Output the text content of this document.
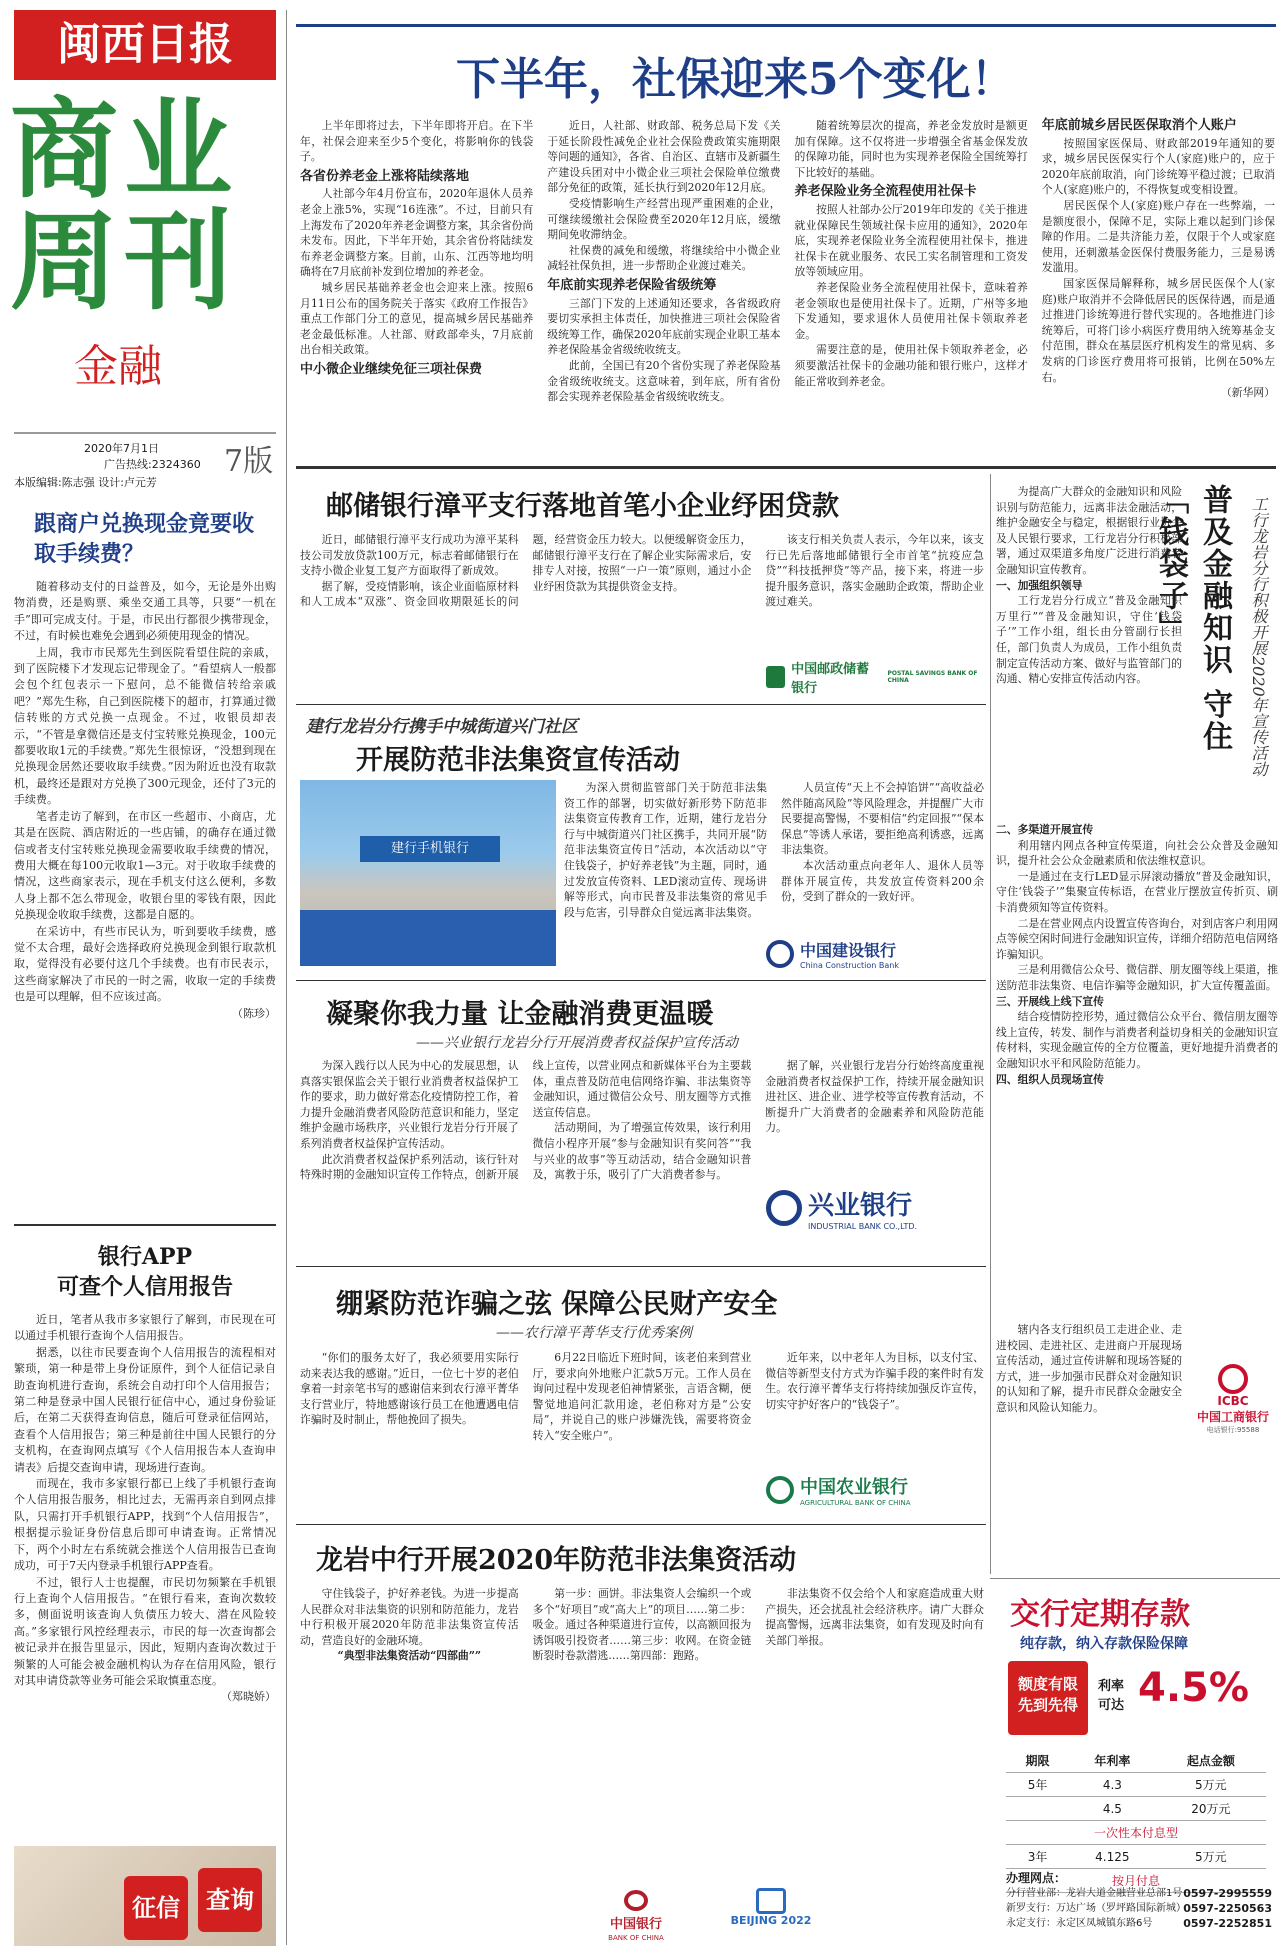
闽西日报
商业
周刊
金融
2020年7月1日
广告热线:2324360
本版编辑:陈志强 设计:卢元芳
7版
跟商户兑换现金竟要收取手续费？

随着移动支付的日益普及，如今，无论是外出购物消费，还是购票、乘坐交通工具等，只要“一机在手”即可完成支付。于是，市民出行都很少携带现金，不过，有时候也难免会遇到必须使用现金的情况。

上周，我市市民郑先生到医院看望住院的亲戚，到了医院楼下才发现忘记带现金了。“看望病人一般都会包个红包表示一下慰问，总不能微信转给亲戚吧？”郑先生称，自己到医院楼下的超市，打算通过微信转账的方式兑换一点现金。不过，收银员却表示，“不管是拿微信还是支付宝转账兑换现金，100元都要收取1元的手续费。”郑先生很惊讶，“没想到现在兑换现金居然还要收取手续费。”因为附近也没有取款机，最终还是跟对方兑换了300元现金，还付了3元的手续费。

笔者走访了解到，在市区一些超市、小商店，尤其是在医院、酒店附近的一些店铺，的确存在通过微信或者支付宝转账兑换现金需要收取手续费的情况，费用大概在每100元收取1—3元。对于收取手续费的情况，这些商家表示，现在手机支付这么便利，多数人身上都不怎么带现金，收银台里的零钱有限，因此兑换现金收取手续费，这都是自愿的。

在采访中，有些市民认为，听到要收手续费，感觉不太合理，最好会选择政府兑换现金到银行取款机取，觉得没有必要付这几个手续费。也有市民表示，这些商家解决了市民的一时之需，收取一定的手续费也是可以理解，但不应该过高。

（陈珍）

银行APP
可查个人信用报告

近日，笔者从我市多家银行了解到，市民现在可以通过手机银行查询个人信用报告。

据悉，以往市民要查询个人信用报告的流程相对繁琐，第一种是带上身份证原件，到个人征信记录自助查询机进行查询，系统会自动打印个人信用报告；第二种是登录中国人民银行征信中心，通过身份验证后，在第二天获得查询信息，随后可登录征信网站，查看个人信用报告；第三种是前往中国人民银行的分支机构，在查询网点填写《个人信用报告本人查询申请表》后提交查询申请，现场进行查询。

而现在，我市多家银行都已上线了手机银行查询个人信用报告服务，相比过去，无需再亲自到网点排队，只需打开手机银行APP，找到“个人信用报告”，根据提示验证身份信息后即可申请查询。正常情况下，两个小时左右系统就会推送个人信用报告已查询成功，可于7天内登录手机银行APP查看。

不过，银行人士也提醒，市民切勿频繁在手机银行上查询个人信用报告。“在银行看来，查询次数较多，侧面说明该查询人负债压力较大、潜在风险较高。”多家银行风控经理表示，市民的每一次查询都会被记录并在报告里显示，因此，短期内查询次数过于频繁的人可能会被金融机构认为存在信用风险，银行对其申请贷款等业务可能会采取慎重态度。

（郑晓娇）

征信	查询
下半年，社保迎来5个变化！

上半年即将过去，下半年即将开启。在下半年，社保会迎来至少5个变化，将影响你的钱袋子。

各省份养老金上涨将陆续落地

人社部今年4月份宣布，2020年退休人员养老金上涨5%，实现“16连涨”。不过，目前只有上海发布了2020年养老金调整方案，其余省份尚未发布。因此，下半年开始，其余省份将陆续发布养老金调整方案。目前，山东、江西等地均明确将在7月底前补发到位增加的养老金。

城乡居民基础养老金也会迎来上涨。按照6月11日公布的国务院关于落实《政府工作报告》重点工作部门分工的意见，提高城乡居民基础养老金最低标准。人社部、财政部牵头，7月底前出台相关政策。

中小微企业继续免征三项社保费

近日，人社部、财政部、税务总局下发《关于延长阶段性减免企业社会保险费政策实施期限等问题的通知》，各省、自治区、直辖市及新疆生产建设兵团对中小微企业三项社会保险单位缴费部分免征的政策，延长执行到2020年12月底。

受疫情影响生产经营出现严重困难的企业，可继续缓缴社会保险费至2020年12月底，缓缴期间免收滞纳金。

社保费的减免和缓缴，将继续给中小微企业减轻社保负担，进一步帮助企业渡过难关。

年底前实现养老保险省级统筹

三部门下发的上述通知还要求，各省级政府要切实承担主体责任，加快推进三项社会保险省级统筹工作，确保2020年底前实现企业职工基本养老保险基金省级统收统支。

此前，全国已有20个省份实现了养老保险基金省级统收统支。这意味着，到年底，所有省份都会实现养老保险基金省级统收统支。

随着统筹层次的提高，养老金发放时是额更加有保障。这不仅将进一步增强全省基金保发放的保障功能，同时也为实现养老保险全国统筹打下比较好的基础。

养老保险业务全流程使用社保卡

按照人社部办公厅2019年印发的《关于推进就业保障民生领域社保卡应用的通知》，2020年底，实现养老保险业务全流程使用社保卡，推进社保卡在就业服务、农民工实名制管理和工资发放等领域应用。

养老保险业务全流程使用社保卡，意味着养老金领取也是使用社保卡了。近期，广州等多地下发通知，要求退休人员使用社保卡领取养老金。

需要注意的是，使用社保卡领取养老金，必须要激活社保卡的金融功能和银行账户，这样才能正常收到养老金。

年底前城乡居民医保取消个人账户

按照国家医保局、财政部2019年通知的要求，城乡居民医保实行个人(家庭)账户的，应于2020年底前取消，向门诊统筹平稳过渡；已取消个人(家庭)账户的，不得恢复或变相设置。

居民医保个人(家庭)账户存在一些弊端，一是额度很小，保障不足，实际上难以起到门诊保障的作用。二是共济能力差，仅限于个人或家庭使用，还刺激基金医保付费服务能力，三是易诱发滥用。

国家医保局解释称，城乡居民医保个人(家庭)账户取消并不会降低居民的医保待遇，而是通过推进门诊统筹进行替代实现的。各地推进门诊统筹后，可将门诊小病医疗费用纳入统筹基金支付范围，群众在基层医疗机构发生的常见病、多发病的门诊医疗费用将可报销，比例在50%左右。

（新华网）

邮储银行漳平支行落地首笔小企业纾困贷款

近日，邮储银行漳平支行成功为漳平某科技公司发放贷款100万元，标志着邮储银行在支持小微企业复工复产方面取得了新成效。

据了解，受疫情影响，该企业面临原材料和人工成本“双涨”、资金回收期限延长的问题，经营资金压力较大。以便缓解资金压力，邮储银行漳平支行在了解企业实际需求后，安排专人对接，按照“一户一策”原则，通过小企业纾困贷款为其提供资金支持。

该支行相关负责人表示，今年以来，该支行已先后落地邮储银行全市首笔“抗疫应急贷”“科技抵押贷”等产品，接下来，将进一步提升服务意识，落实金融助企政策，帮助企业渡过难关。

中国邮政储蓄银行
POSTAL SAVINGS BANK OF CHINA
建行龙岩分行携手中城街道兴门社区
开展防范非法集资宣传活动
建行手机银行

为深入贯彻监管部门关于防范非法集资工作的部署，切实做好新形势下防范非法集资宣传教育工作，近期，建行龙岩分行与中城街道兴门社区携手，共同开展“防范非法集资宣传日”活动，本次活动以“守住钱袋子，护好养老钱”为主题，同时，通过发放宣传资料、LED滚动宣传、现场讲解等形式，向市民普及非法集资的常见手段与危害，引导群众自觉远离非法集资。

人员宣传“天上不会掉馅饼”“高收益必然伴随高风险”等风险理念，并提醒广大市民要提高警惕，不要相信“约定回报”“保本保息”等诱人承诺，要拒绝高利诱惑，远离非法集资。

本次活动重点向老年人、退休人员等群体开展宣传，共发放宣传资料200余份，受到了群众的一致好评。

中国建设银行
China Construction Bank
凝聚你我力量 让金融消费更温暖
——兴业银行龙岩分行开展消费者权益保护宣传活动

为深入践行以人民为中心的发展思想，认真落实银保监会关于银行业消费者权益保护工作的要求，助力做好常态化疫情防控工作，着力提升金融消费者风险防范意识和能力，坚定维护金融市场秩序，兴业银行龙岩分行开展了系列消费者权益保护宣传活动。

此次消费者权益保护系列活动，该行针对特殊时期的金融知识宣传工作特点，创新开展线上宣传，以营业网点和新媒体平台为主要载体，重点普及防范电信网络诈骗、非法集资等金融知识，通过微信公众号、朋友圈等方式推送宣传信息。

活动期间，为了增强宣传效果，该行利用微信小程序开展“参与金融知识有奖问答”“我与兴业的故事”等互动活动，结合金融知识普及，寓教于乐，吸引了广大消费者参与。

据了解，兴业银行龙岩分行始终高度重视金融消费者权益保护工作，持续开展金融知识进社区、进企业、进学校等宣传教育活动，不断提升广大消费者的金融素养和风险防范能力。

兴业银行
INDUSTRIAL BANK CO.,LTD.
绷紧防范诈骗之弦 保障公民财产安全
——农行漳平菁华支行优秀案例

“你们的服务太好了，我必须要用实际行动来表达我的感谢。”近日，一位七十岁的老伯拿着一封亲笔书写的感谢信来到农行漳平菁华支行营业厅，特地感谢该行员工在他遭遇电信诈骗时及时制止，帮他挽回了损失。

6月22日临近下班时间，该老伯来到营业厅，要求向外地账户汇款5万元。工作人员在询问过程中发现老伯神情紧张，言语含糊，便警觉地追问汇款用途，老伯称对方是“公安局”，并说自己的账户涉嫌洗钱，需要将资金转入“安全账户”。

近年来，以中老年人为目标，以支付宝、微信等新型支付方式为诈骗手段的案件时有发生。农行漳平菁华支行将持续加强反诈宣传，切实守护好客户的“钱袋子”。

中国农业银行
AGRICULTURAL BANK OF CHINA
龙岩中行开展2020年防范非法集资活动

守住钱袋子，护好养老钱。为进一步提高人民群众对非法集资的识别和防范能力，龙岩中行积极开展2020年防范非法集资宣传活动，营造良好的金融环境。

“典型非法集资活动“四部曲””

第一步：画饼。非法集资人会编织一个或多个“好项目”或“高大上”的项目……第二步：吸金。通过各种渠道进行宣传，以高额回报为诱饵吸引投资者……第三步：收网。在资金链断裂时卷款潜逃……第四部：跑路。

非法集资不仅会给个人和家庭造成重大财产损失，还会扰乱社会经济秩序。请广大群众提高警惕，远离非法集资，如有发现及时向有关部门举报。

中国银行
BANK OF CHINA
BEIJING 2022
普及金融知识 守住「钱袋子」	工行龙岩分行积极开展2020年宣传活动

为提高广大群众的金融知识和风险识别与防范能力，远离非法金融活动，维护金融安全与稳定，根据银行业协会及人民银行要求，工行龙岩分行积极部署，通过双渠道多角度广泛进行消费者金融知识宣传教育。

一、加强组织领导

工行龙岩分行成立“普及金融知识万里行”“普及金融知识，守住‘钱袋子’”工作小组，组长由分管副行长担任，部门负责人为成员，工作小组负责制定宣传活动方案、做好与监管部门的沟通、精心安排宣传活动内容。

二、多渠道开展宣传

利用辖内网点各种宣传渠道，向社会公众普及金融知识，提升社会公众金融素质和依法维权意识。

一是通过在支行LED显示屏滚动播放“普及金融知识，守住‘钱袋子’”集聚宣传标语，在营业厅摆放宣传折页、刷卡消费须知等宣传资料。

二是在营业网点内设置宣传咨询台，对到店客户利用网点等候空闲时间进行金融知识宣传，详细介绍防范电信网络诈骗知识。

三是利用微信公众号、微信群、朋友圈等线上渠道，推送防范非法集资、电信诈骗等金融知识，扩大宣传覆盖面。

三、开展线上线下宣传

结合疫情防控形势，通过微信公众平台、微信朋友圈等线上宣传，转发、制作与消费者利益切身相关的金融知识宣传材料，实现金融宣传的全方位覆盖，更好地提升消费者的金融知识水平和风险防范能力。

四、组织人员现场宣传

辖内各支行组织员工走进企业、走进校园、走进社区、走进商户开展现场宣传活动，通过宣传讲解和现场答疑的方式，进一步加强市民群众对金融知识的认知和了解，提升市民群众金融安全意识和风险认知能力。	ICBC
中国工商银行
电话银行:95588
交行定期存款
纯存款，纳入存款保险保障
额度有限
先到先得
利率
可达 4.5%
期限	年利率	起点金额
5年	4.3	5万元
	4.5	20万元
一次性本付息型		
3年	4.125	5万元
按月付息		
办理网点：
分行营业部：龙岩大道金融营业总部1号 0597-2995559
新罗支行：万达广场（罗坪路国际新城）
0597-2250563
永定支行：永定区凤城镇东路6号	0597-2252851
